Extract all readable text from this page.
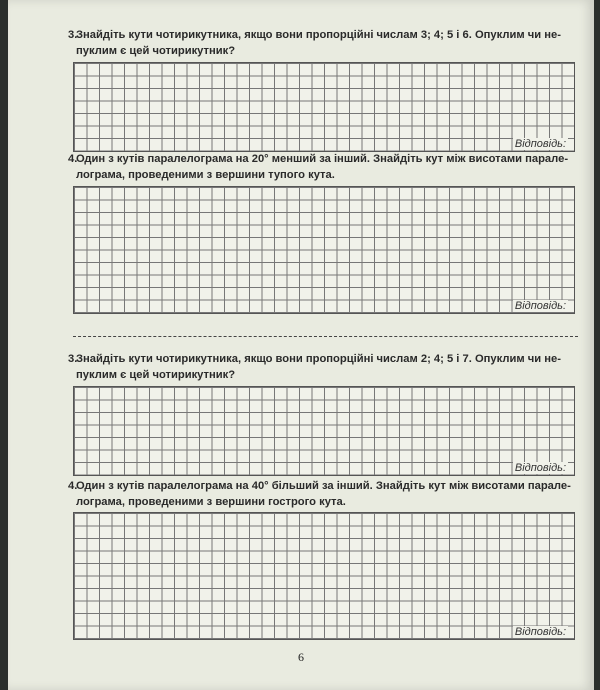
3.
Знайдіть кути чотирикутника, якщо вони пропорційні числам 3; 4; 5 і 6. Опуклим чи не-
пуклим є цей чотирикутник?
Відповідь:
4.
Один з кутів паралелограма на 20° менший за інший. Знайдіть кут між висотами парале-
лограма, проведеними з вершини тупого кута.
Відповідь:
3.
Знайдіть кути чотирикутника, якщо вони пропорційні числам 2; 4; 5 і 7. Опуклим чи не-
пуклим є цей чотирикутник?
Відповідь:
4.
Один з кутів паралелограма на 40° більший за інший. Знайдіть кут між висотами парале-
лограма, проведеними з вершини гострого кута.
Відповідь:
6
